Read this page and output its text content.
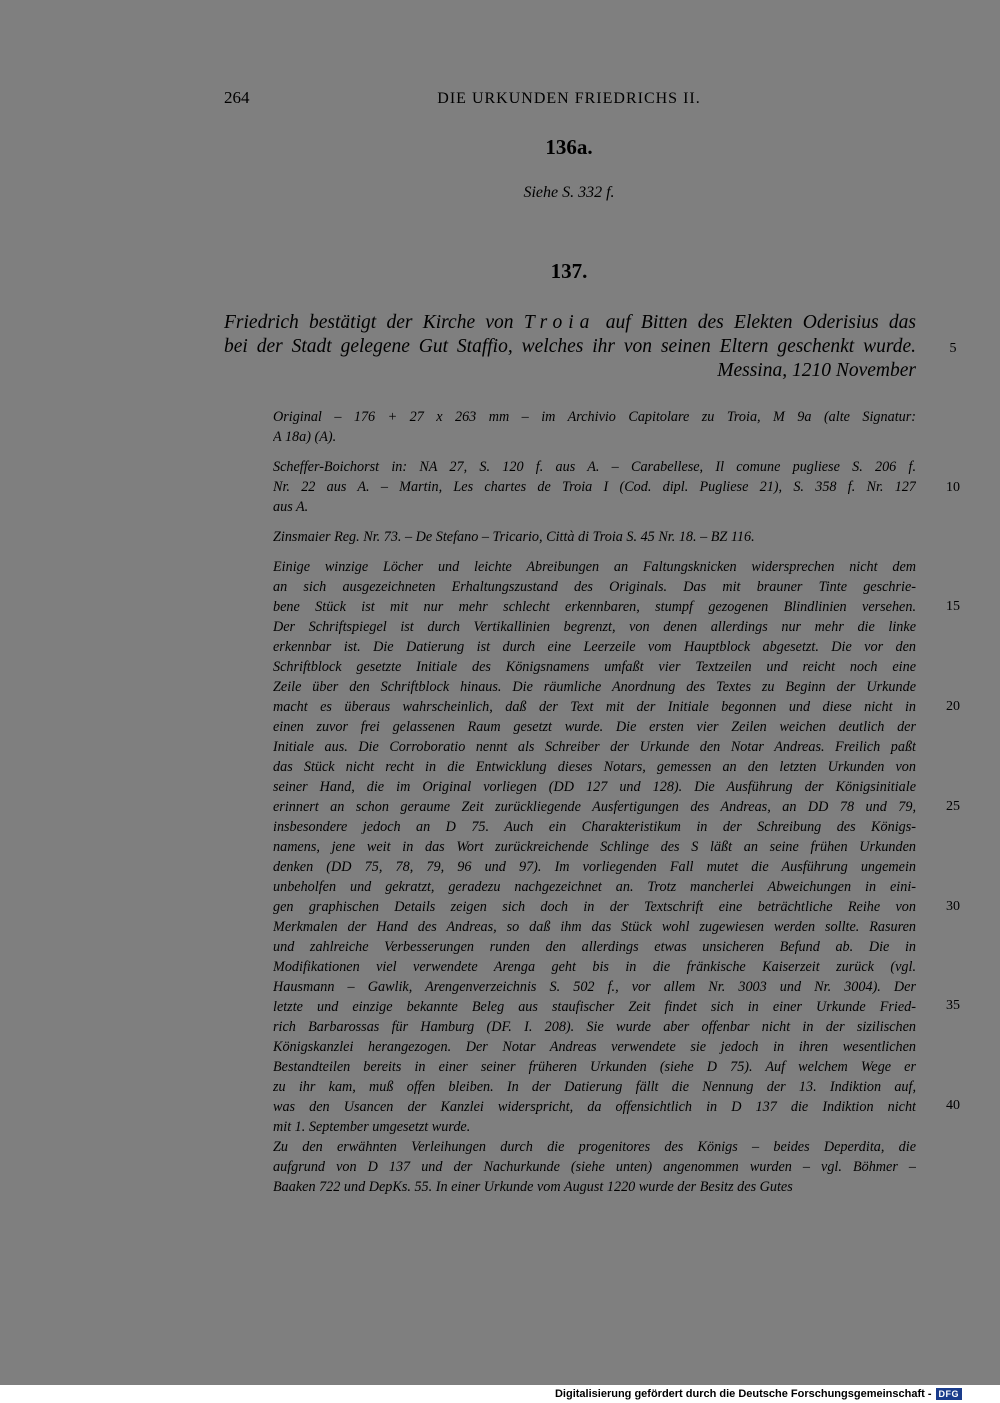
264	DIE URKUNDEN FRIEDRICHS II.
136a.
Siehe S. 332 f.
137.
Friedrich bestätigt der Kirche von Troia auf Bitten des Elekten Oderisius das
bei der Stadt gelegene Gut Staffio, welches ihr von seinen Eltern geschenkt wurde.
Messina, 1210 November
Original – 176 + 27 x 263 mm – im Archivio Capitolare zu Troia, M 9a (alte Signatur:
A 18a) (A).
Scheffer-Boichorst in: NA 27, S. 120 f. aus A. – Carabellese, Il comune pugliese S. 206 f.
Nr. 22 aus A. – Martin, Les chartes de Troia I (Cod. dipl. Pugliese 21), S. 358 f. Nr. 127
aus A.
Zinsmaier Reg. Nr. 73. – De Stefano – Tricario, Città di Troia S. 45 Nr. 18. – BZ 116.
Einige winzige Löcher und leichte Abreibungen an Faltungsknicken widersprechen nicht dem
an sich ausgezeichneten Erhaltungszustand des Originals. Das mit brauner Tinte geschrie-
bene Stück ist mit nur mehr schlecht erkennbaren, stumpf gezogenen Blindlinien versehen.
Der Schriftspiegel ist durch Vertikallinien begrenzt, von denen allerdings nur mehr die linke
erkennbar ist. Die Datierung ist durch eine Leerzeile vom Hauptblock abgesetzt. Die vor den
Schriftblock gesetzte Initiale des Königsnamens umfaßt vier Textzeilen und reicht noch eine
Zeile über den Schriftblock hinaus. Die räumliche Anordnung des Textes zu Beginn der Urkunde
macht es überaus wahrscheinlich, daß der Text mit der Initiale begonnen und diese nicht in
einen zuvor frei gelassenen Raum gesetzt wurde. Die ersten vier Zeilen weichen deutlich der
Initiale aus. Die Corroboratio nennt als Schreiber der Urkunde den Notar Andreas. Freilich paßt
das Stück nicht recht in die Entwicklung dieses Notars, gemessen an den letzten Urkunden von
seiner Hand, die im Original vorliegen (DD 127 und 128). Die Ausführung der Königsinitiale
erinnert an schon geraume Zeit zurückliegende Ausfertigungen des Andreas, an DD 78 und 79,
insbesondere jedoch an D 75. Auch ein Charakteristikum in der Schreibung des Königs-
namens, jene weit in das Wort zurückreichende Schlinge des S läßt an seine frühen Urkunden
denken (DD 75, 78, 79, 96 und 97). Im vorliegenden Fall mutet die Ausführung ungemein
unbeholfen und gekratzt, geradezu nachgezeichnet an. Trotz mancherlei Abweichungen in eini-
gen graphischen Details zeigen sich doch in der Textschrift eine beträchtliche Reihe von
Merkmalen der Hand des Andreas, so daß ihm das Stück wohl zugewiesen werden sollte. Rasuren
und zahlreiche Verbesserungen runden den allerdings etwas unsicheren Befund ab. Die in
Modifikationen viel verwendete Arenga geht bis in die fränkische Kaiserzeit zurück (vgl.
Hausmann – Gawlik, Arengenverzeichnis S. 502 f., vor allem Nr. 3003 und Nr. 3004). Der
letzte und einzige bekannte Beleg aus staufischer Zeit findet sich in einer Urkunde Fried-
rich Barbarossas für Hamburg (DF. I. 208). Sie wurde aber offenbar nicht in der sizilischen
Königskanzlei herangezogen. Der Notar Andreas verwendete sie jedoch in ihren wesentlichen
Bestandteilen bereits in einer seiner früheren Urkunden (siehe D 75). Auf welchem Wege er
zu ihr kam, muß offen bleiben. In der Datierung fällt die Nennung der 13. Indiktion auf,
was den Usancen der Kanzlei widerspricht, da offensichtlich in D 137 die Indiktion nicht
mit 1. September umgesetzt wurde.
Zu den erwähnten Verleihungen durch die progenitores des Königs – beides Deperdita, die
aufgrund von D 137 und der Nachurkunde (siehe unten) angenommen wurden – vgl. Böhmer –
Baaken 722 und DepKs. 55. In einer Urkunde vom August 1220 wurde der Besitz des Gutes
5
10
15
20
25
30
35
40
Digitalisierung gefördert durch die Deutsche Forschungsgemeinschaft - DFG
